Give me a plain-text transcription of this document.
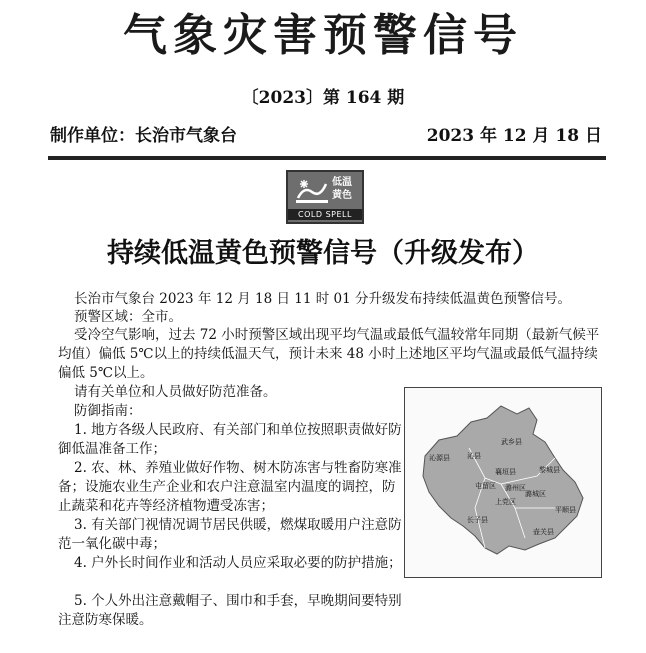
气象灾害预警信号
〔2023〕第 164 期
制作单位：长治市气象台	2023 年 12 月 18 日
低温黄色
COLD SPELL
持续低温黄色预警信号（升级发布）
长治市气象台 2023 年 12 月 18 日 11 时 01 分升级发布持续低温黄色预警信号。
预警区域：全市。
受冷空气影响，过去 72 小时预警区域出现平均气温或最低气温较常年同期（最新气候平均值）偏低 5℃以上的持续低温天气，预计未来 48 小时上述地区平均气温或最低气温持续偏低 5℃以上。
请有关单位和人员做好防范准备。
防御指南：
1. 地方各级人民政府、有关部门和单位按照职责做好防御低温准备工作；
2. 农、林、养殖业做好作物、树木防冻害与牲畜防寒准备；设施农业生产企业和农户注意温室内温度的调控，防止蔬菜和花卉等经济植物遭受冻害；
3. 有关部门视情况调节居民供暖，燃煤取暖用户注意防范一氧化碳中毒；
4. 户外长时间作业和活动人员应采取必要的防护措施；
5. 个人外出注意戴帽子、围巾和手套，早晚期间要特别注意防寒保暖。
沁源县 沁县
武乡县
襄垣县
屯留区
黎城县
潞城区
上党区
潞州区
平顺县
长子县
壶关县
